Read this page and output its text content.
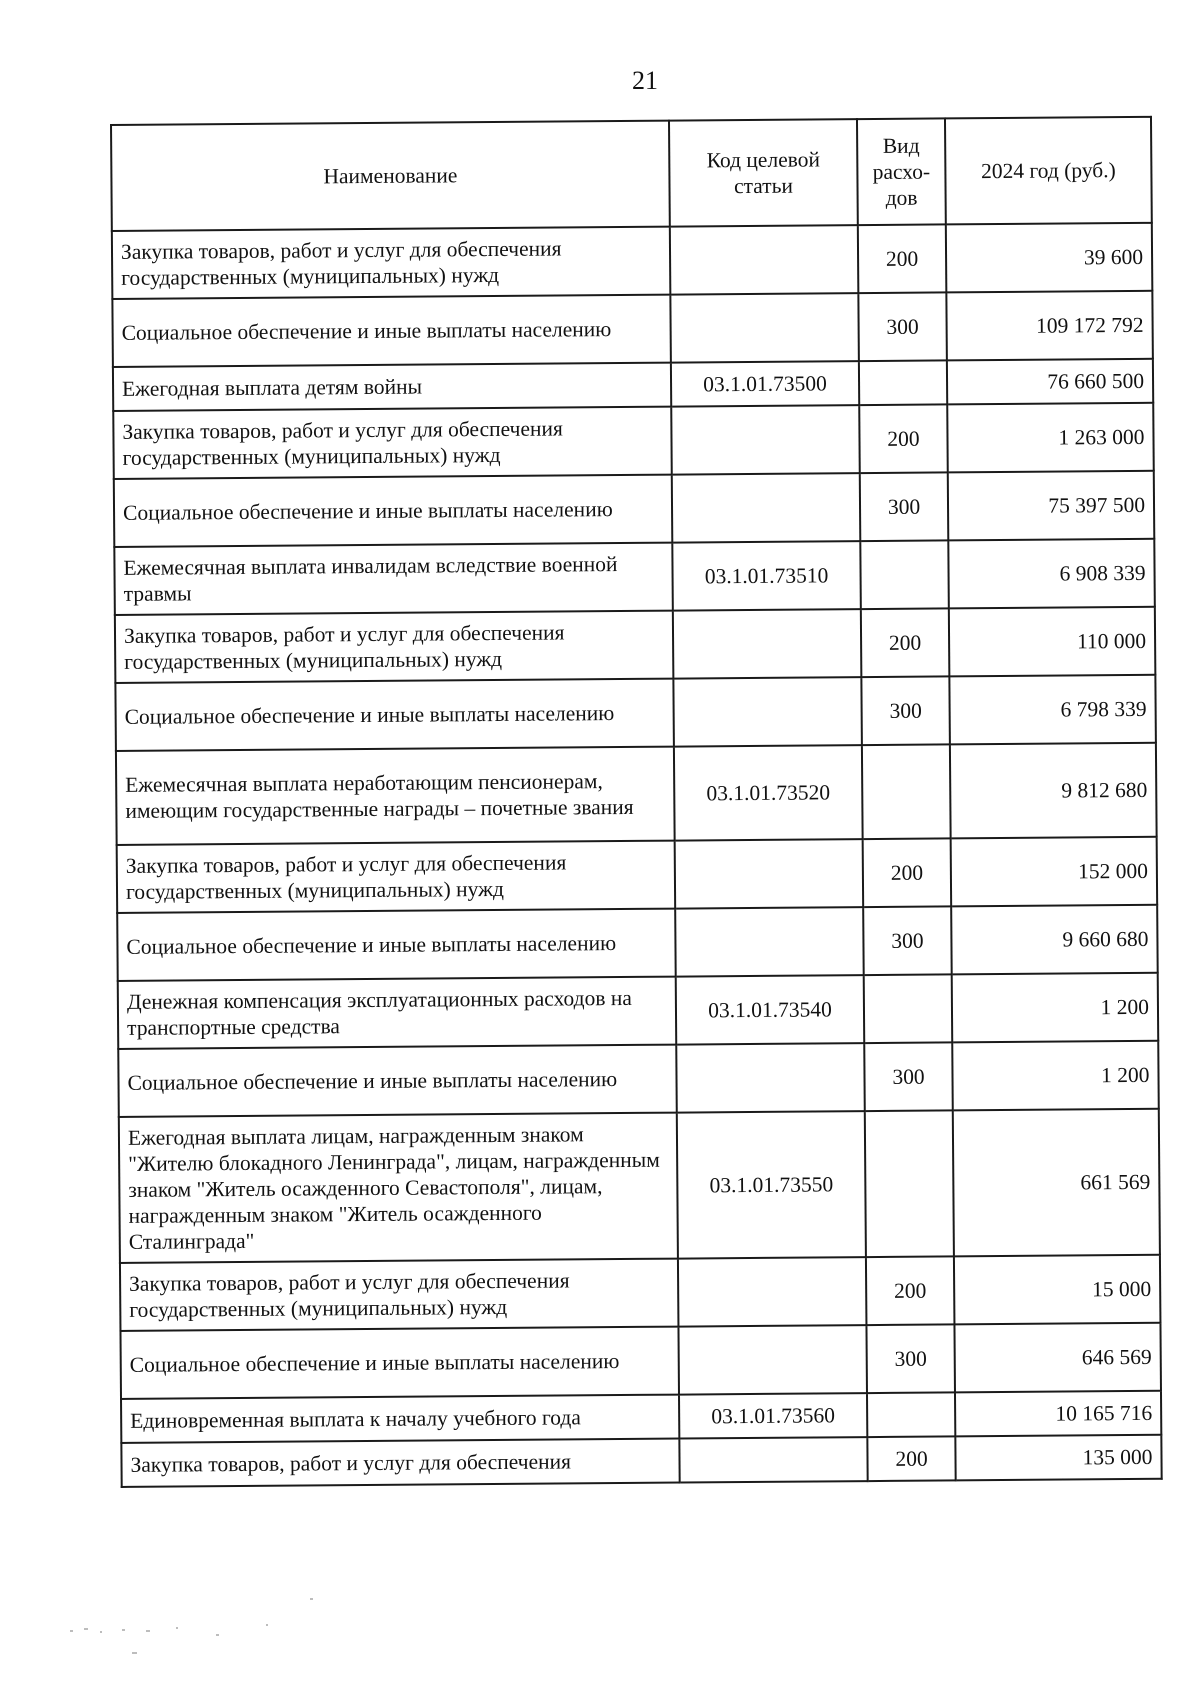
21
Наименование	Код целевой статьи	Вид расхо-дов	2024 год (руб.)
Закупка товаров, работ и услуг для обеспечения государственных (муниципальных) нужд		200	39 600
Социальное обеспечение и иные выплаты населению		300	109 172 792
Ежегодная выплата детям войны	03.1.01.73500		76 660 500
Закупка товаров, работ и услуг для обеспечения государственных (муниципальных) нужд		200	1 263 000
Социальное обеспечение и иные выплаты населению		300	75 397 500
Ежемесячная выплата инвалидам вследствие военной травмы	03.1.01.73510		6 908 339
Закупка товаров, работ и услуг для обеспечения государственных (муниципальных) нужд		200	110 000
Социальное обеспечение и иные выплаты населению		300	6 798 339
Ежемесячная выплата неработающим пенсионерам, имеющим государственные награды – почетные звания	03.1.01.73520		9 812 680
Закупка товаров, работ и услуг для обеспечения государственных (муниципальных) нужд		200	152 000
Социальное обеспечение и иные выплаты населению		300	9 660 680
Денежная компенсация эксплуатационных расходов на транспортные средства	03.1.01.73540		1 200
Социальное обеспечение и иные выплаты населению		300	1 200
Ежегодная выплата лицам, награжденным знаком "Жителю блокадного Ленинграда", лицам, награжденным знаком "Житель осажденного Севастополя", лицам, награжденным знаком "Житель осажденного Сталинграда"	03.1.01.73550		661 569
Закупка товаров, работ и услуг для обеспечения государственных (муниципальных) нужд		200	15 000
Социальное обеспечение и иные выплаты населению		300	646 569
Единовременная выплата к началу учебного года	03.1.01.73560		10 165 716
Закупка товаров, работ и услуг для обеспечения		200	135 000
